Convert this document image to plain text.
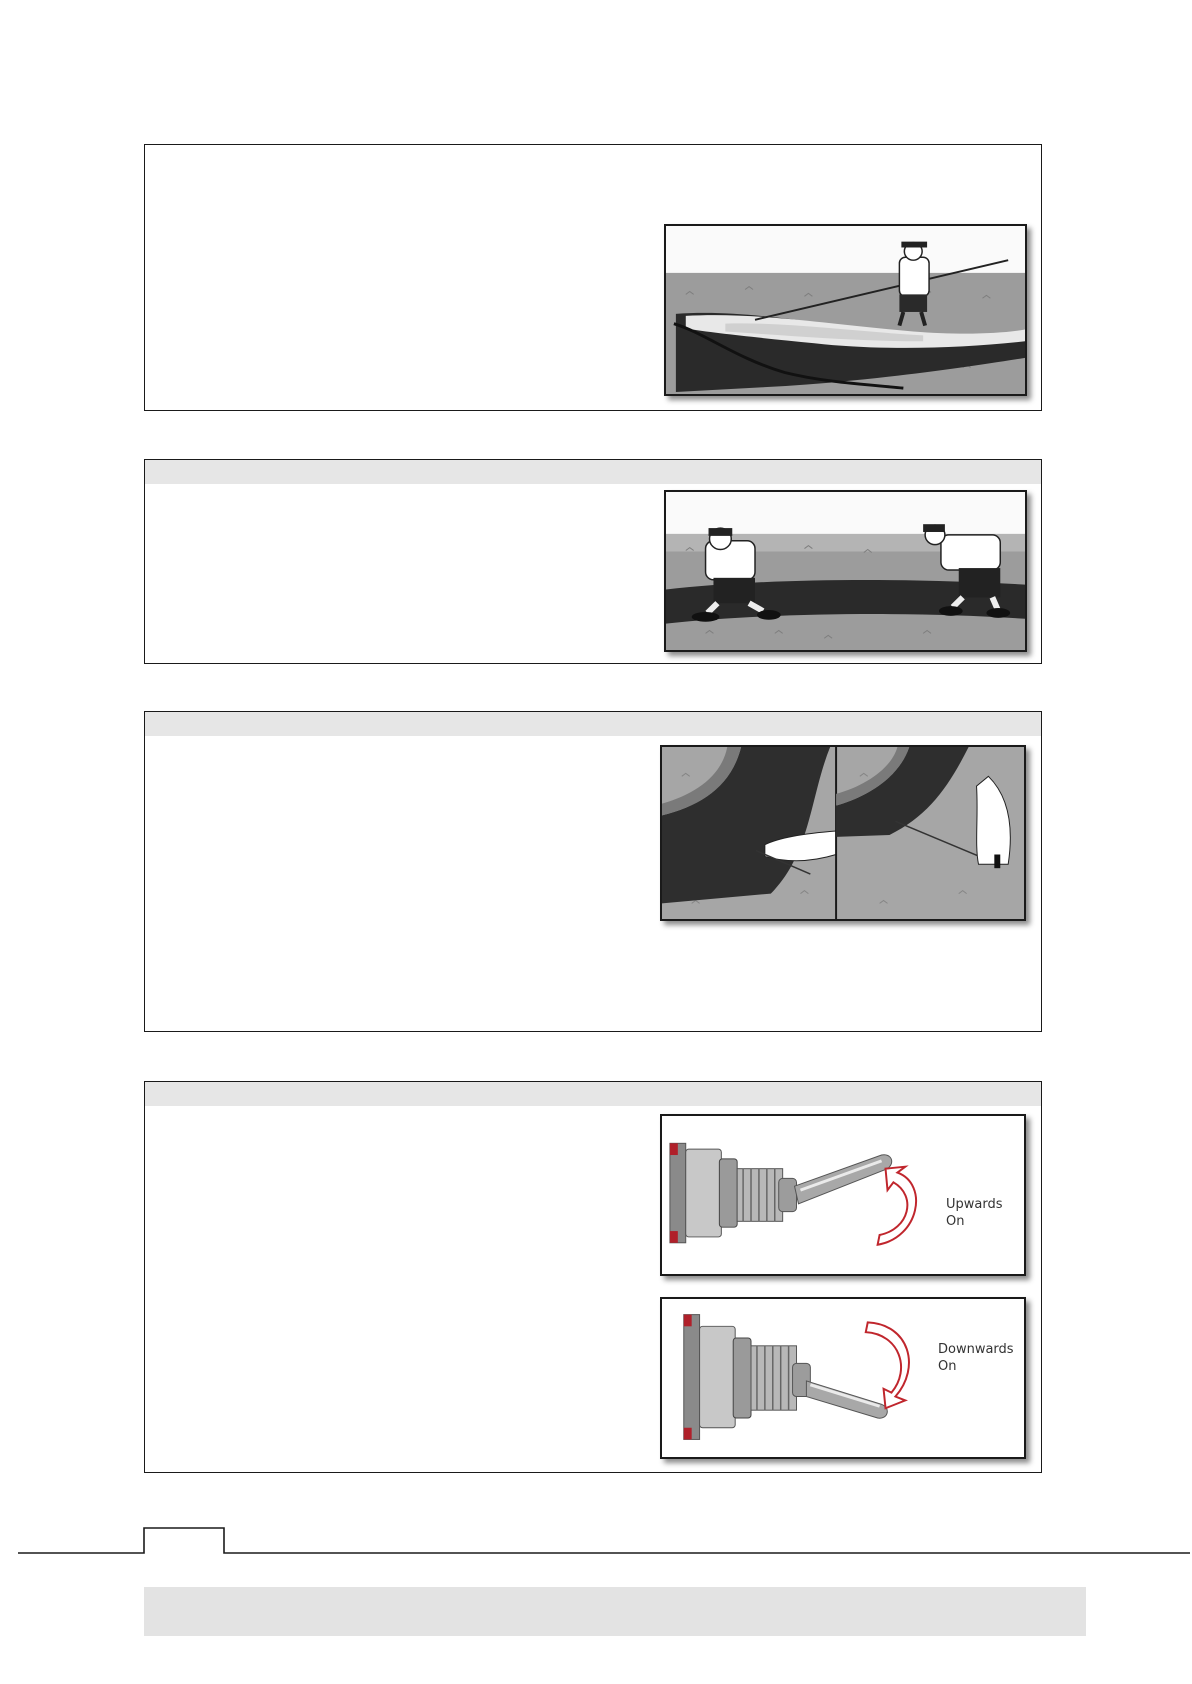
Upwards
On
Downwards
On
